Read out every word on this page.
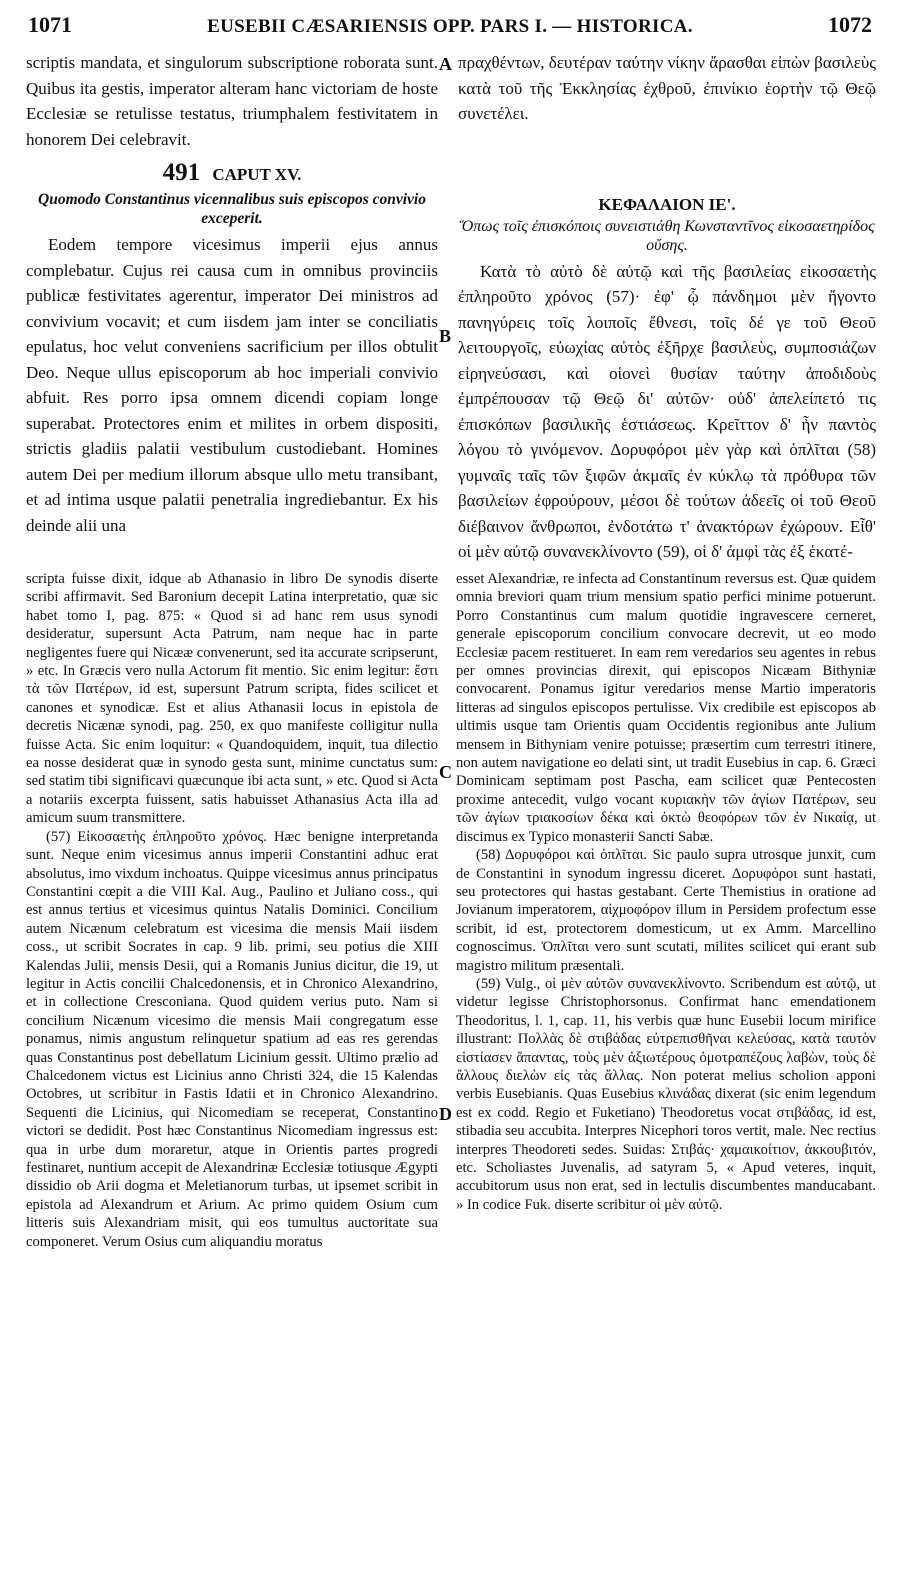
1071	EUSEBII CÆSARIENSIS OPP. PARS I. — HISTORICA.	1072
A
B
C
D

scriptis mandata, et singulorum subscriptione roborata sunt. Quibus ita gestis, imperator alteram hanc victoriam de hoste Ecclesiæ se retulisse testatus, triumphalem festivitatem in honorem Dei celebravit.

491 CAPUT XV.
Quomodo Constantinus vicennalibus suis episcopos convivio exceperit.

Eodem tempore vicesimus imperii ejus annus complebatur. Cujus rei causa cum in omnibus provinciis publicæ festivitates agerentur, imperator Dei ministros ad convivium vocavit; et cum iisdem jam inter se conciliatis epulatus, hoc velut conveniens sacrificium per illos obtulit Deo. Neque ullus episcoporum ab hoc imperiali convivio abfuit. Res porro ipsa omnem dicendi copiam longe superabat. Protectores enim et milites in orbem dispositi, strictis gladiis palatii vestibulum custodiebant. Homines autem Dei per medium illorum absque ullo metu transibant, et ad intima usque palatii penetralia ingrediebantur. Ex his deinde alii una

πραχθέντων, δευτέραν ταύτην νίκην ἄρασθαι εἰπὼν βασιλεὺς κατὰ τοῦ τῆς Ἐκκλησίας ἐχθροῦ, ἐπινίκιο ἑορτὴν τῷ Θεῷ συνετέλει.

ΚΕΦΑΛΑΙΟΝ ΙΕ'.
Ὅπως τοῖς ἐπισκόποις συνειστιάθη Κωνσταντῖνος εἰκοσαετηρίδος οὔσης.

Κατὰ τὸ αὐτὸ δὲ αὐτῷ καὶ τῆς βασιλείας εἰκοσαετὴς ἐπληροῦτο χρόνος (57)· ἐφ' ᾧ πάνδημοι μὲν ἤγοντο πανηγύρεις τοῖς λοιποῖς ἔθνεσι, τοῖς δέ γε τοῦ Θεοῦ λειτουργοῖς, εὐωχίας αὐτὸς ἐξῆρχε βασιλεὺς, συμποσιάζων εἰρηνεύσασι, καὶ οἱονεὶ θυσίαν ταύτην ἀποδιδοὺς ἐμπρέπουσαν τῷ Θεῷ δι' αὐτῶν· οὐδ' ἀπελείπετό τις ἐπισκόπων βασιλικῆς ἑστιάσεως. Κρεῖττον δ' ἦν παντὸς λόγου τὸ γινόμενον. Δορυφόροι μὲν γὰρ καὶ ὁπλῖται (58) γυμναῖς ταῖς τῶν ξιφῶν ἀκμαῖς ἐν κύκλῳ τὰ πρόθυρα τῶν βασιλείων ἐφρούρουν, μέσοι δὲ τούτων ἀδεεῖς οἱ τοῦ Θεοῦ διέβαινον ἄνθρωποι, ἐνδοτάτω τ' ἀνακτόρων ἐχώρουν. Εἶθ' οἱ μὲν αὐτῷ συνανεκλίνοντο (59), οἱ δ' ἀμφὶ τὰς ἐξ ἑκατέ-

scripta fuisse dixit, idque ab Athanasio in libro De synodis diserte scribi affirmavit. Sed Baronium decepit Latina interpretatio, quæ sic habet tomo I, pag. 875: « Quod si ad hanc rem usus synodi desideratur, supersunt Acta Patrum, nam neque hac in parte negligentes fuere qui Nicææ convenerunt, sed ita accurate scripserunt, » etc. In Græcis vero nulla Actorum fit mentio. Sic enim legitur: ἔστι τὰ τῶν Πατέρων, id est, supersunt Patrum scripta, fides scilicet et canones et synodicæ. Est et alius Athanasii locus in epistola de decretis Nicænæ synodi, pag. 250, ex quo manifeste colligitur nulla fuisse Acta. Sic enim loquitur: « Quandoquidem, inquit, tua dilectio ea nosse desiderat quæ in synodo gesta sunt, minime cunctatus sum: sed statim tibi significavi quæcunque ibi acta sunt, » etc. Quod si Acta a notariis excerpta fuissent, satis habuisset Athanasius Acta illa ad amicum suum transmittere.

(57) Εἰκοσαετὴς ἐπληροῦτο χρόνος. Hæc benigne interpretanda sunt. Neque enim vicesimus annus imperii Constantini adhuc erat absolutus, imo vixdum inchoatus. Quippe vicesimus annus principatus Constantini cœpit a die VIII Kal. Aug., Paulino et Juliano coss., qui est annus tertius et vicesimus quintus Natalis Dominici. Concilium autem Nicænum celebratum est vicesima die mensis Maii iisdem coss., ut scribit Socrates in cap. 9 lib. primi, seu potius die XIII Kalendas Julii, mensis Desii, qui a Romanis Junius dicitur, die 19, ut legitur in Actis concilii Chalcedonensis, et in Chronico Alexandrino, et in collectione Cresconiana. Quod quidem verius puto. Nam si concilium Nicænum vicesimo die mensis Maii congregatum esse ponamus, nimis angustum relinquetur spatium ad eas res gerendas quas Constantinus post debellatum Licinium gessit. Ultimo prælio ad Chalcedonem victus est Licinius anno Christi 324, die 15 Kalendas Octobres, ut scribitur in Fastis Idatii et in Chronico Alexandrino. Sequenti die Licinius, qui Nicomediam se receperat, Constantino victori se dedidit. Post hæc Constantinus Nicomediam ingressus est: qua in urbe dum moraretur, atque in Orientis partes progredi festinaret, nuntium accepit de Alexandrinæ Ecclesiæ totiusque Ægypti dissidio ob Arii dogma et Meletianorum turbas, ut ipsemet scribit in epistola ad Alexandrum et Arium. Ac primo quidem Osium cum litteris suis Alexandriam misit, qui eos tumultus auctoritate sua componeret. Verum Osius cum aliquandiu moratus

esset Alexandriæ, re infecta ad Constantinum reversus est. Quæ quidem omnia breviori quam trium mensium spatio perfici minime potuerunt. Porro Constantinus cum malum quotidie ingravescere cerneret, generale episcoporum concilium convocare decrevit, ut eo modo Ecclesiæ pacem restitueret. In eam rem veredarios seu agentes in rebus per omnes provincias direxit, qui episcopos Nicæam Bithyniæ convocarent. Ponamus igitur veredarios mense Martio imperatoris litteras ad singulos episcopos pertulisse. Vix credibile est episcopos ab ultimis usque tam Orientis quam Occidentis regionibus ante Julium mensem in Bithyniam venire potuisse; præsertim cum terrestri itinere, non autem navigatione eo delati sint, ut tradit Eusebius in cap. 6. Græci Dominicam septimam post Pascha, eam scilicet quæ Pentecosten proxime antecedit, vulgo vocant κυριακὴν τῶν ἁγίων Πατέρων, seu τῶν ἁγίων τριακοσίων δέκα καὶ ὀκτὼ θεοφόρων τῶν ἐν Νικαίᾳ, ut discimus ex Typico monasterii Sancti Sabæ.

(58) Δορυφόροι καὶ ὁπλῖται. Sic paulo supra utrosque junxit, cum de Constantini in synodum ingressu diceret. Δορυφόροι sunt hastati, seu protectores qui hastas gestabant. Certe Themistius in oratione ad Jovianum imperatorem, αἰχμοφόρον illum in Persidem profectum esse scribit, id est, protectorem domesticum, ut ex Amm. Marcellino cognoscimus. Ὁπλῖται vero sunt scutati, milites scilicet qui erant sub magistro militum præsentali.

(59) Vulg., οἱ μὲν αὐτῶν συνανεκλίνοντο. Scribendum est αὐτῷ, ut videtur legisse Christophorsonus. Confirmat hanc emendationem Theodoritus, l. 1, cap. 11, his verbis quæ hunc Eusebii locum mirifice illustrant: Πολλὰς δὲ στιβάδας εὐτρεπισθῆναι κελεύσας, κατὰ ταυτὸν εἱστίασεν ἅπαντας, τοὺς μὲν ἀξιωτέρους ὁμοτραπέζους λαβὼν, τοὺς δὲ ἄλλους διελὼν εἰς τὰς ἄλλας. Non poterat melius scholion apponi verbis Eusebianis. Quas Eusebius κλινάδας dixerat (sic enim legendum est ex codd. Regio et Fuketiano) Theodoretus vocat στιβάδας, id est, stibadia seu accubita. Interpres Nicephori toros vertit, male. Nec rectius interpres Theodoreti sedes. Suidas: Στιβάς· χαμαικοίτιον, ἀκκουβιτόν, etc. Scholiastes Juvenalis, ad satyram 5, « Apud veteres, inquit, accubitorum usus non erat, sed in lectulis discumbentes manducabant. » In codice Fuk. diserte scribitur οἱ μὲν αὐτῷ.
